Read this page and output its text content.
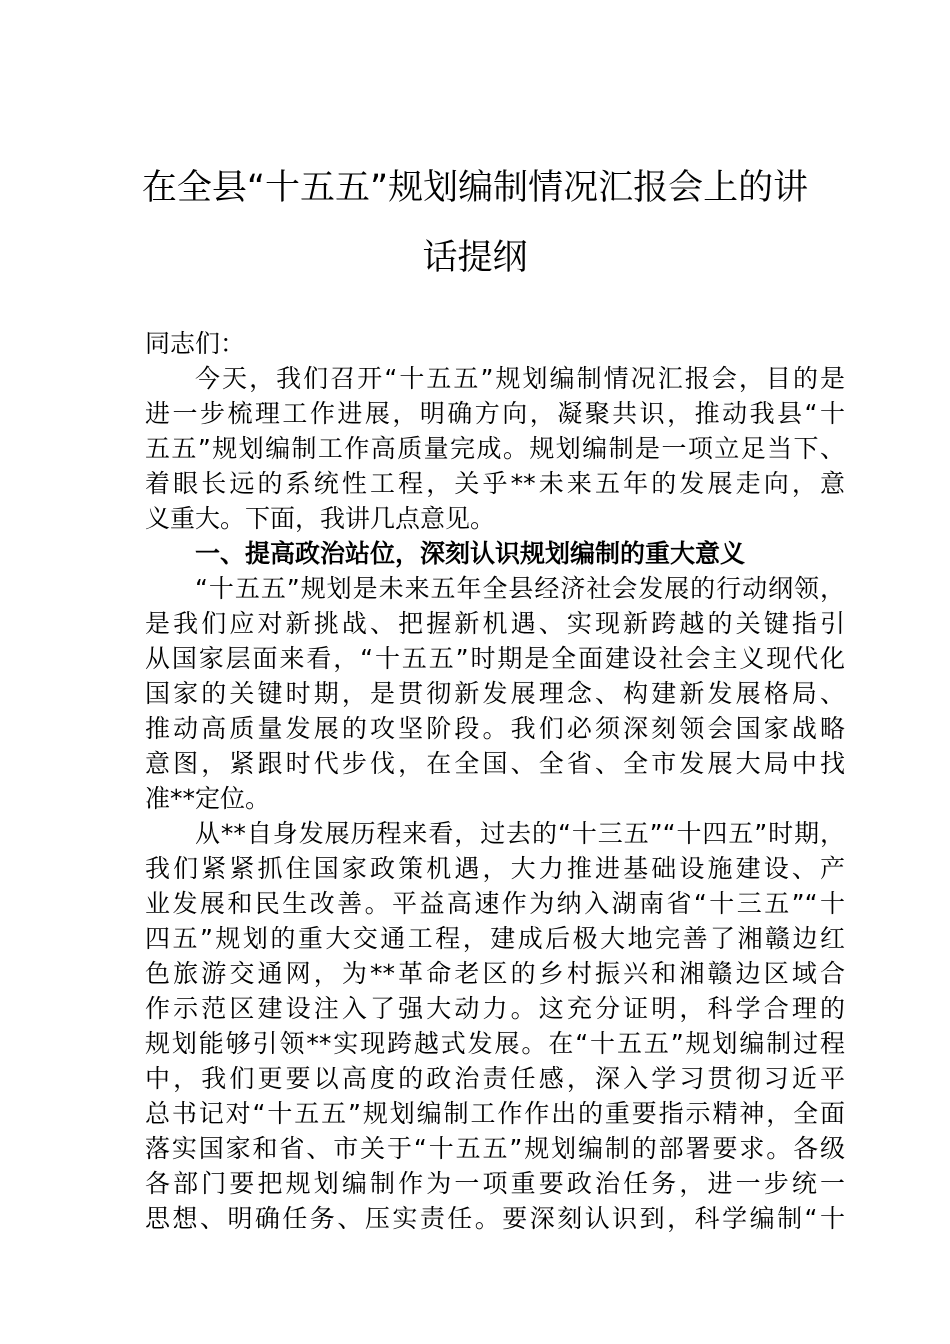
在全县“十五五”规划编制情况汇报会上的讲
话提纲
同志们：
今天，我们召开“十五五”规划编制情况汇报会，目的是
进一步梳理工作进展，明确方向，凝聚共识，推动我县“十
五五”规划编制工作高质量完成。规划编制是一项立足当下、
着眼长远的系统性工程，关乎**未来五年的发展走向，意
义重大。下面，我讲几点意见。
一、提高政治站位，深刻认识规划编制的重大意义
“十五五”规划是未来五年全县经济社会发展的行动纲领，
是我们应对新挑战、把握新机遇、实现新跨越的关键指引
从国家层面来看，“十五五”时期是全面建设社会主义现代化
国家的关键时期，是贯彻新发展理念、构建新发展格局、
推动高质量发展的攻坚阶段。我们必须深刻领会国家战略
意图，紧跟时代步伐，在全国、全省、全市发展大局中找
准**定位。
从**自身发展历程来看，过去的“十三五”“十四五”时期，
我们紧紧抓住国家政策机遇，大力推进基础设施建设、产
业发展和民生改善。平益高速作为纳入湖南省“十三五”“十
四五”规划的重大交通工程，建成后极大地完善了湘赣边红
色旅游交通网，为**革命老区的乡村振兴和湘赣边区域合
作示范区建设注入了强大动力。这充分证明，科学合理的
规划能够引领**实现跨越式发展。在“十五五”规划编制过程
中，我们更要以高度的政治责任感，深入学习贯彻习近平
总书记对“十五五”规划编制工作作出的重要指示精神，全面
落实国家和省、市关于“十五五”规划编制的部署要求。各级
各部门要把规划编制作为一项重要政治任务，进一步统一
思想、明确任务、压实责任。要深刻认识到，科学编制“十
